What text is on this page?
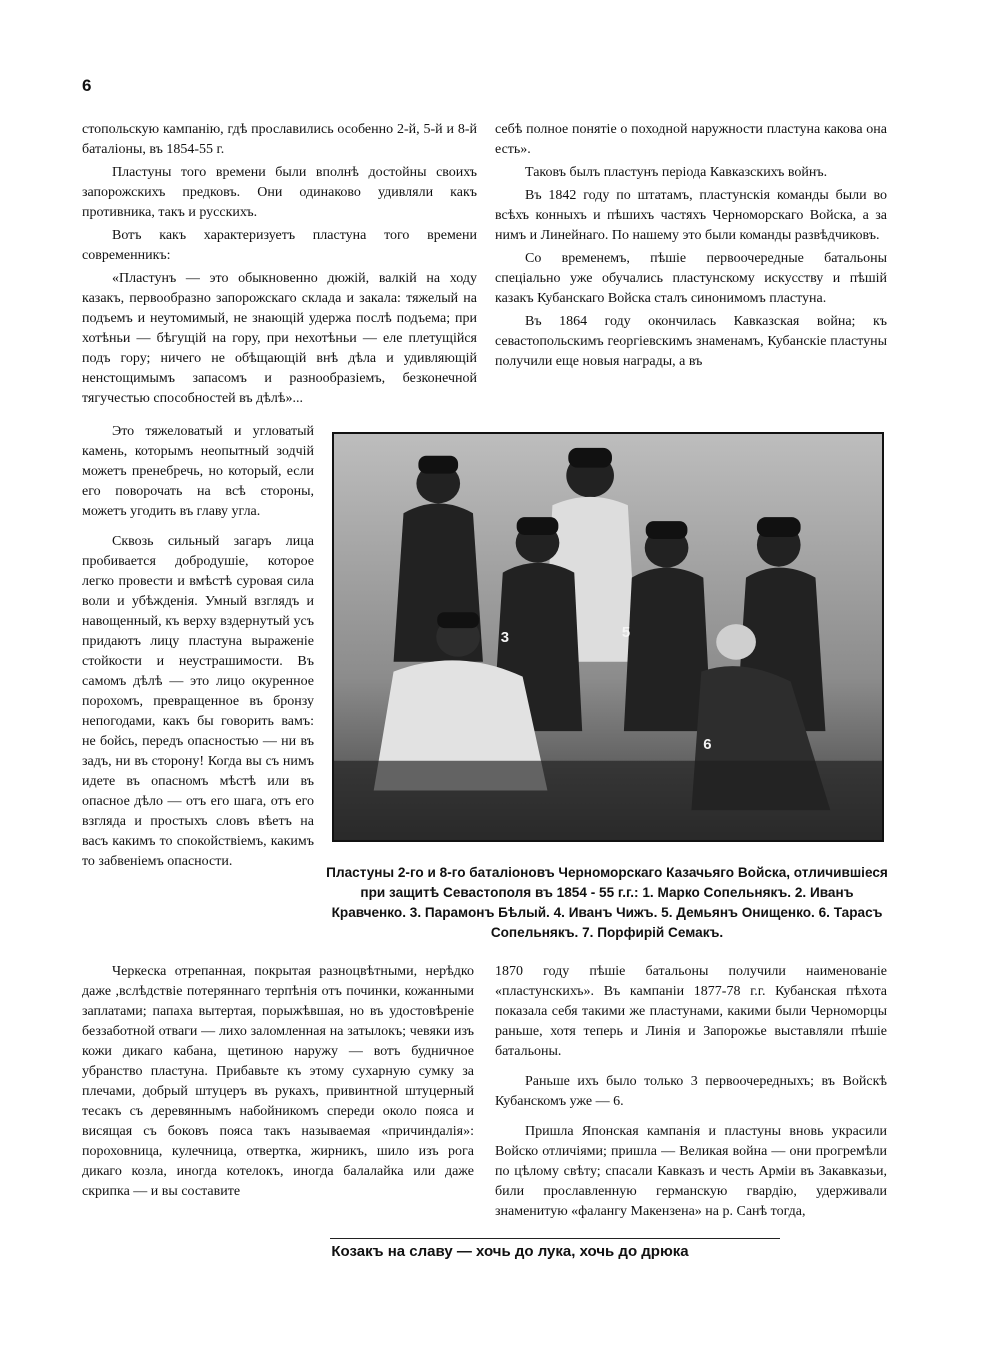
6

стопольскую кампанію, гдѣ прославились особенно 2-й, 5-й и 8-й баталіоны, въ 1854-55 г.

Пластуны того времени были вполнѣ достойны своихъ запорожскихъ предковъ. Они одинаково удивляли какъ противника, такъ и русскихъ.

Вотъ какъ характеризуетъ пластуна того времени современникъ:

«Пластунъ — это обыкновенно дюжій, валкій на ходу казакъ, первообразно запорожскаго склада и закала: тяжелый на подъемъ и неутомимый, не знающій удержа послѣ подъема; при хотѣньи — бѣгущій на гору, при нехотѣньи — еле плетущійся подъ гору; ничего не обѣщающій внѣ дѣла и удивляющій ненстощимымъ запасомъ и разнообразіемъ, безконечной тягучестью способностей въ дѣлѣ»...

себѣ полное понятіе о походной наружности пластуна какова она есть».

Таковъ былъ пластунъ періода Кавказскихъ войнъ.

Въ 1842 году по штатамъ, пластунскія команды были во всѣхъ конныхъ и пѣшихъ частяхъ Черноморскаго Войска, а за нимъ и Линейнаго. По нашему это были команды развѣдчиковъ.

Со временемъ, пѣшіе первоочередные батальоны спеціально уже обучались пластунскому искусству и пѣшій казакъ Кубанскаго Войска сталъ синонимомъ пластуна.

Въ 1864 году окончилась Кавказская война; къ севастопольскимъ георгіевскимъ знаменамъ, Кубанскіе пластуны получили еще новыя награды, а въ

Это тяжеловатый и угловатый камень, которымъ неопытный зодчій можетъ пренебречь, но который, если его поворочать на всѣ стороны, можетъ угодить въ главу угла.

Сквозь сильный загаръ лица пробивается добродушіе, которое легко провести и вмѣстѣ суровая сила воли и убѣжденія. Умный взглядъ и навощенный, къ верху вздернутый усъ придаютъ лицу пластуна выраженіе стойкости и неустрашимости. Въ самомъ дѣлѣ — это лицо окуренное порохомъ, превращенное въ бронзу непогодами, какъ бы говорить вамъ: не бойсь, передъ опасностью — ни въ задъ, ни въ сторону! Когда вы съ нимъ идете въ опасномъ мѣстѣ или въ опасное дѣло — отъ его шага, отъ его взгляда и простыхъ словъ вѣетъ на васъ какимъ то спокойствіемъ, какимъ то забвеніемъ опасности.

3	5
6
Пластуны 2-го и 8-го баталіоновъ Черноморскаго Казачьяго Войска, отличившіеся при защитѣ Севастополя въ 1854 - 55 г.г.: 1. Марко Сопельнякъ. 2. Иванъ Кравченко. 3. Парамонъ Бѣлый. 4. Иванъ Чижъ. 5. Демьянъ Онищенко. 6. Тарасъ Сопельнякъ. 7. Порфирій Семакъ.

Черкеска отрепанная, покрытая разноцвѣтными, нерѣдко даже ,вслѣдствіе потеряннаго терпѣнія отъ починки, кожанными заплатами; папаха вытертая, порыжѣвшая, но въ удостовѣреніе беззаботной отваги — лихо заломленная на затылокъ; чевяки изъ кожи дикаго кабана, щетиною наружу — вотъ будничное убранство пластуна. Прибавьте къ этому сухарную сумку за плечами, добрый штуцеръ въ рукахъ, привинтной штуцерный тесакъ съ деревяннымъ набойникомъ спереди около пояса и висящая съ боковъ пояса такъ называемая «причиндалія»: пороховница, кулечница, отвертка, жирникъ, шило изъ рога дикаго козла, иногда котелокъ, иногда балалайка или даже скрипка — и вы составите

1870 году пѣшіе батальоны получили наименованіе «пластунскихъ». Въ кампаніи 1877-78 г.г. Кубанская пѣхота показала себя такими же пластунами, какими были Черноморцы раньше, хотя теперь и Линія и Запорожье выставляли пѣшіе батальоны.

Раньше ихъ было только 3 первоочередныхъ; въ Войскѣ Кубанскомъ уже — 6.

Пришла Японская кампанія и пластуны вновь украсили Войско отличіями; пришла — Великая война — они прогремѣли по цѣлому свѣту; спасали Кавказъ и честь Арміи въ Закавказьи, били прославленную германскую гвардію, удерживали знаменитую «фалангу Макензена» на р. Санѣ тогда,

Козакъ на славу — хочь до лука, хочь до дрюка
